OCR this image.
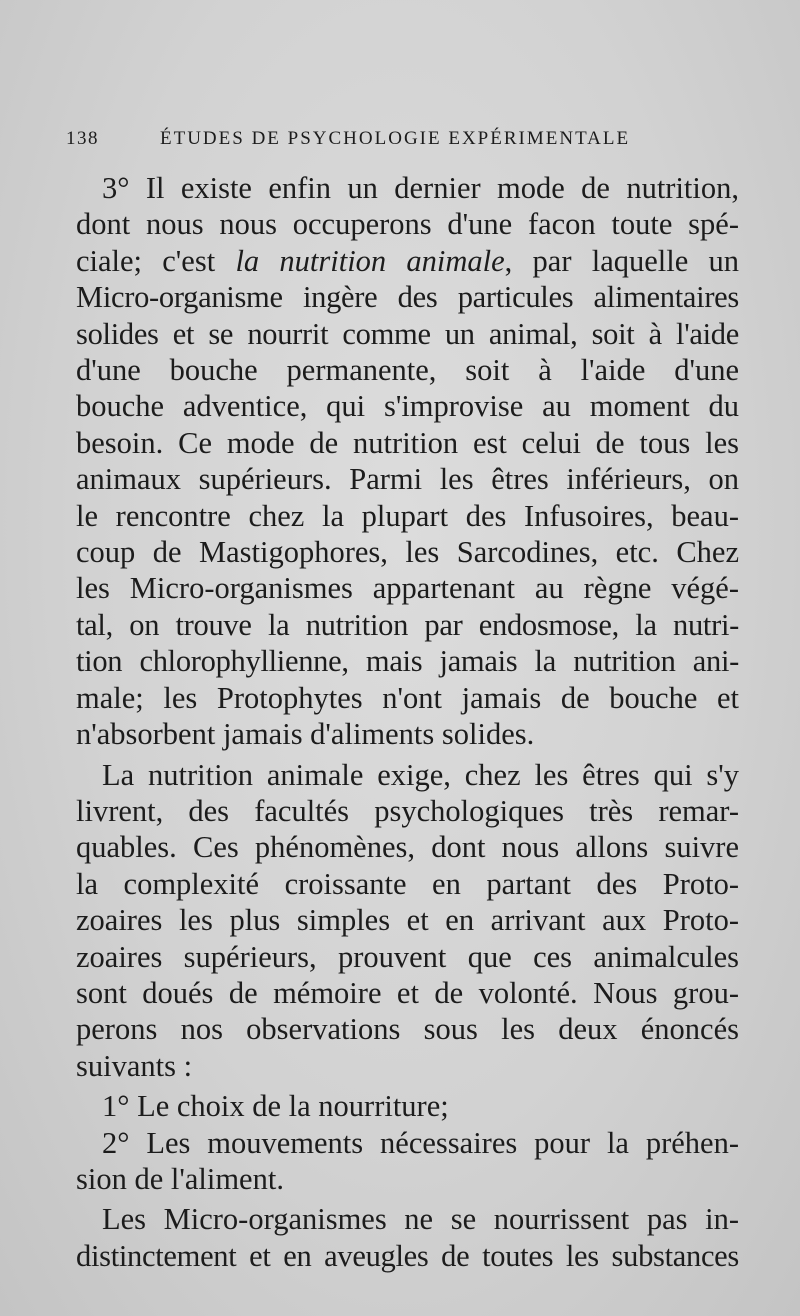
138	ÉTUDES DE PSYCHOLOGIE EXPÉRIMENTALE
3° Il existe enfin un dernier mode de nutrition,
dont nous nous occuperons d'une facon toute spé-
ciale; c'est la nutrition animale, par laquelle un
Micro-organisme ingère des particules alimentaires
solides et se nourrit comme un animal, soit à l'aide
d'une bouche permanente, soit à l'aide d'une
bouche adventice, qui s'improvise au moment du
besoin. Ce mode de nutrition est celui de tous les
animaux supérieurs. Parmi les êtres inférieurs, on
le rencontre chez la plupart des Infusoires, beau-
coup de Mastigophores, les Sarcodines, etc. Chez
les Micro-organismes appartenant au règne végé-
tal, on trouve la nutrition par endosmose, la nutri-
tion chlorophyllienne, mais jamais la nutrition ani-
male; les Protophytes n'ont jamais de bouche et
n'absorbent jamais d'aliments solides.
La nutrition animale exige, chez les êtres qui s'y
livrent, des facultés psychologiques très remar-
quables. Ces phénomènes, dont nous allons suivre
la complexité croissante en partant des Proto-
zoaires les plus simples et en arrivant aux Proto-
zoaires supérieurs, prouvent que ces animalcules
sont doués de mémoire et de volonté. Nous grou-
perons nos observations sous les deux énoncés
suivants :
1° Le choix de la nourriture;
2° Les mouvements nécessaires pour la préhen-
sion de l'aliment.
Les Micro-organismes ne se nourrissent pas in-
distinctement et en aveugles de toutes les substances
